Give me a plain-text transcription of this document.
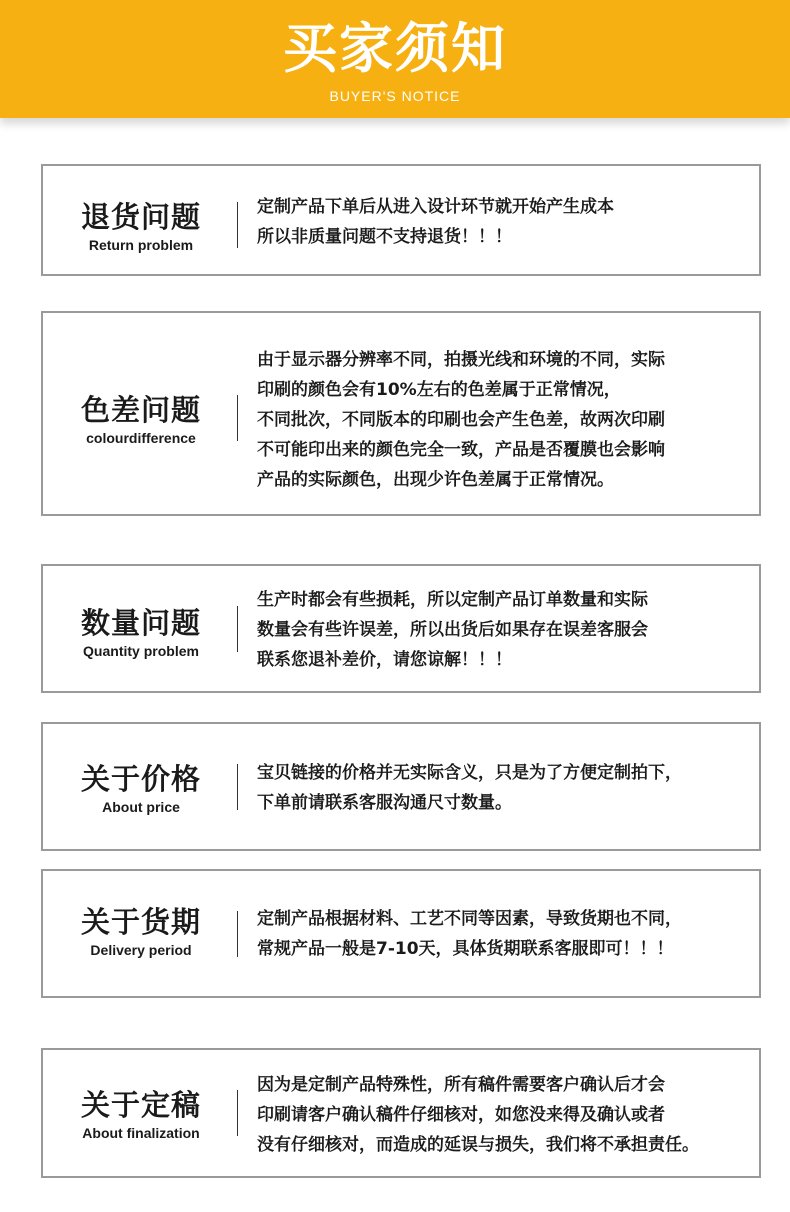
买家须知
BUYER'S NOTICE
退货问题
Return problem
定制产品下单后从进入设计环节就开始产生成本
所以非质量问题不支持退货！！！
色差问题
colourdifference
由于显示器分辨率不同，拍摄光线和环境的不同，实际
印刷的颜色会有10%左右的色差属于正常情况，
不同批次，不同版本的印刷也会产生色差，故两次印刷
不可能印出来的颜色完全一致，产品是否覆膜也会影响
产品的实际颜色，出现少许色差属于正常情况。
数量问题
Quantity problem
生产时都会有些损耗，所以定制产品订单数量和实际
数量会有些许误差，所以出货后如果存在误差客服会
联系您退补差价，请您谅解！！！
关于价格
About price
宝贝链接的价格并无实际含义，只是为了方便定制拍下，
下单前请联系客服沟通尺寸数量。
关于货期
Delivery period
定制产品根据材料、工艺不同等因素，导致货期也不同，
常规产品一般是7-10天，具体货期联系客服即可！！！
关于定稿
About finalization
因为是定制产品特殊性，所有稿件需要客户确认后才会
印刷请客户确认稿件仔细核对，如您没来得及确认或者
没有仔细核对，而造成的延误与损失，我们将不承担责任。
